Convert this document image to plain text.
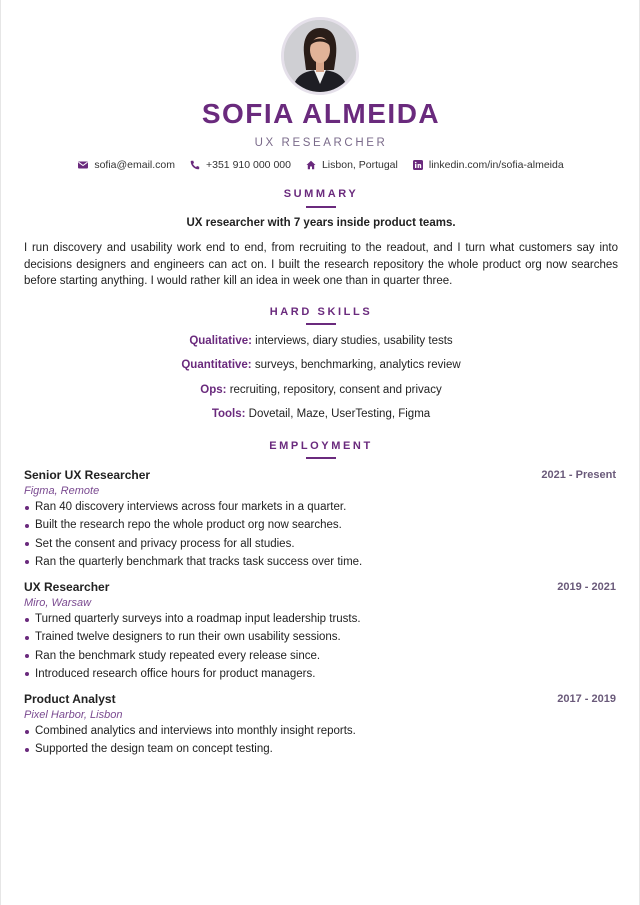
SOFIA ALMEIDA
UX RESEARCHER
sofia@email.com	+351 910 000 000	Lisbon, Portugal	linkedin.com/in/sofia-almeida
SUMMARY
UX researcher with 7 years inside product teams.
I run discovery and usability work end to end, from recruiting to the readout, and I turn what customers say into decisions designers and engineers can act on. I built the research repository the whole product org now searches before starting anything. I would rather kill an idea in week one than in quarter three.
HARD SKILLS
Qualitative: interviews, diary studies, usability tests
Quantitative: surveys, benchmarking, analytics review
Ops: recruiting, repository, consent and privacy
Tools: Dovetail, Maze, UserTesting, Figma
EMPLOYMENT
Senior UX Researcher	2021 - Present
Figma, Remote
Ran 40 discovery interviews across four markets in a quarter.
Built the research repo the whole product org now searches.
Set the consent and privacy process for all studies.
Ran the quarterly benchmark that tracks task success over time.
UX Researcher	2019 - 2021
Miro, Warsaw
Turned quarterly surveys into a roadmap input leadership trusts.
Trained twelve designers to run their own usability sessions.
Ran the benchmark study repeated every release since.
Introduced research office hours for product managers.
Product Analyst	2017 - 2019
Pixel Harbor, Lisbon
Combined analytics and interviews into monthly insight reports.
Supported the design team on concept testing.
